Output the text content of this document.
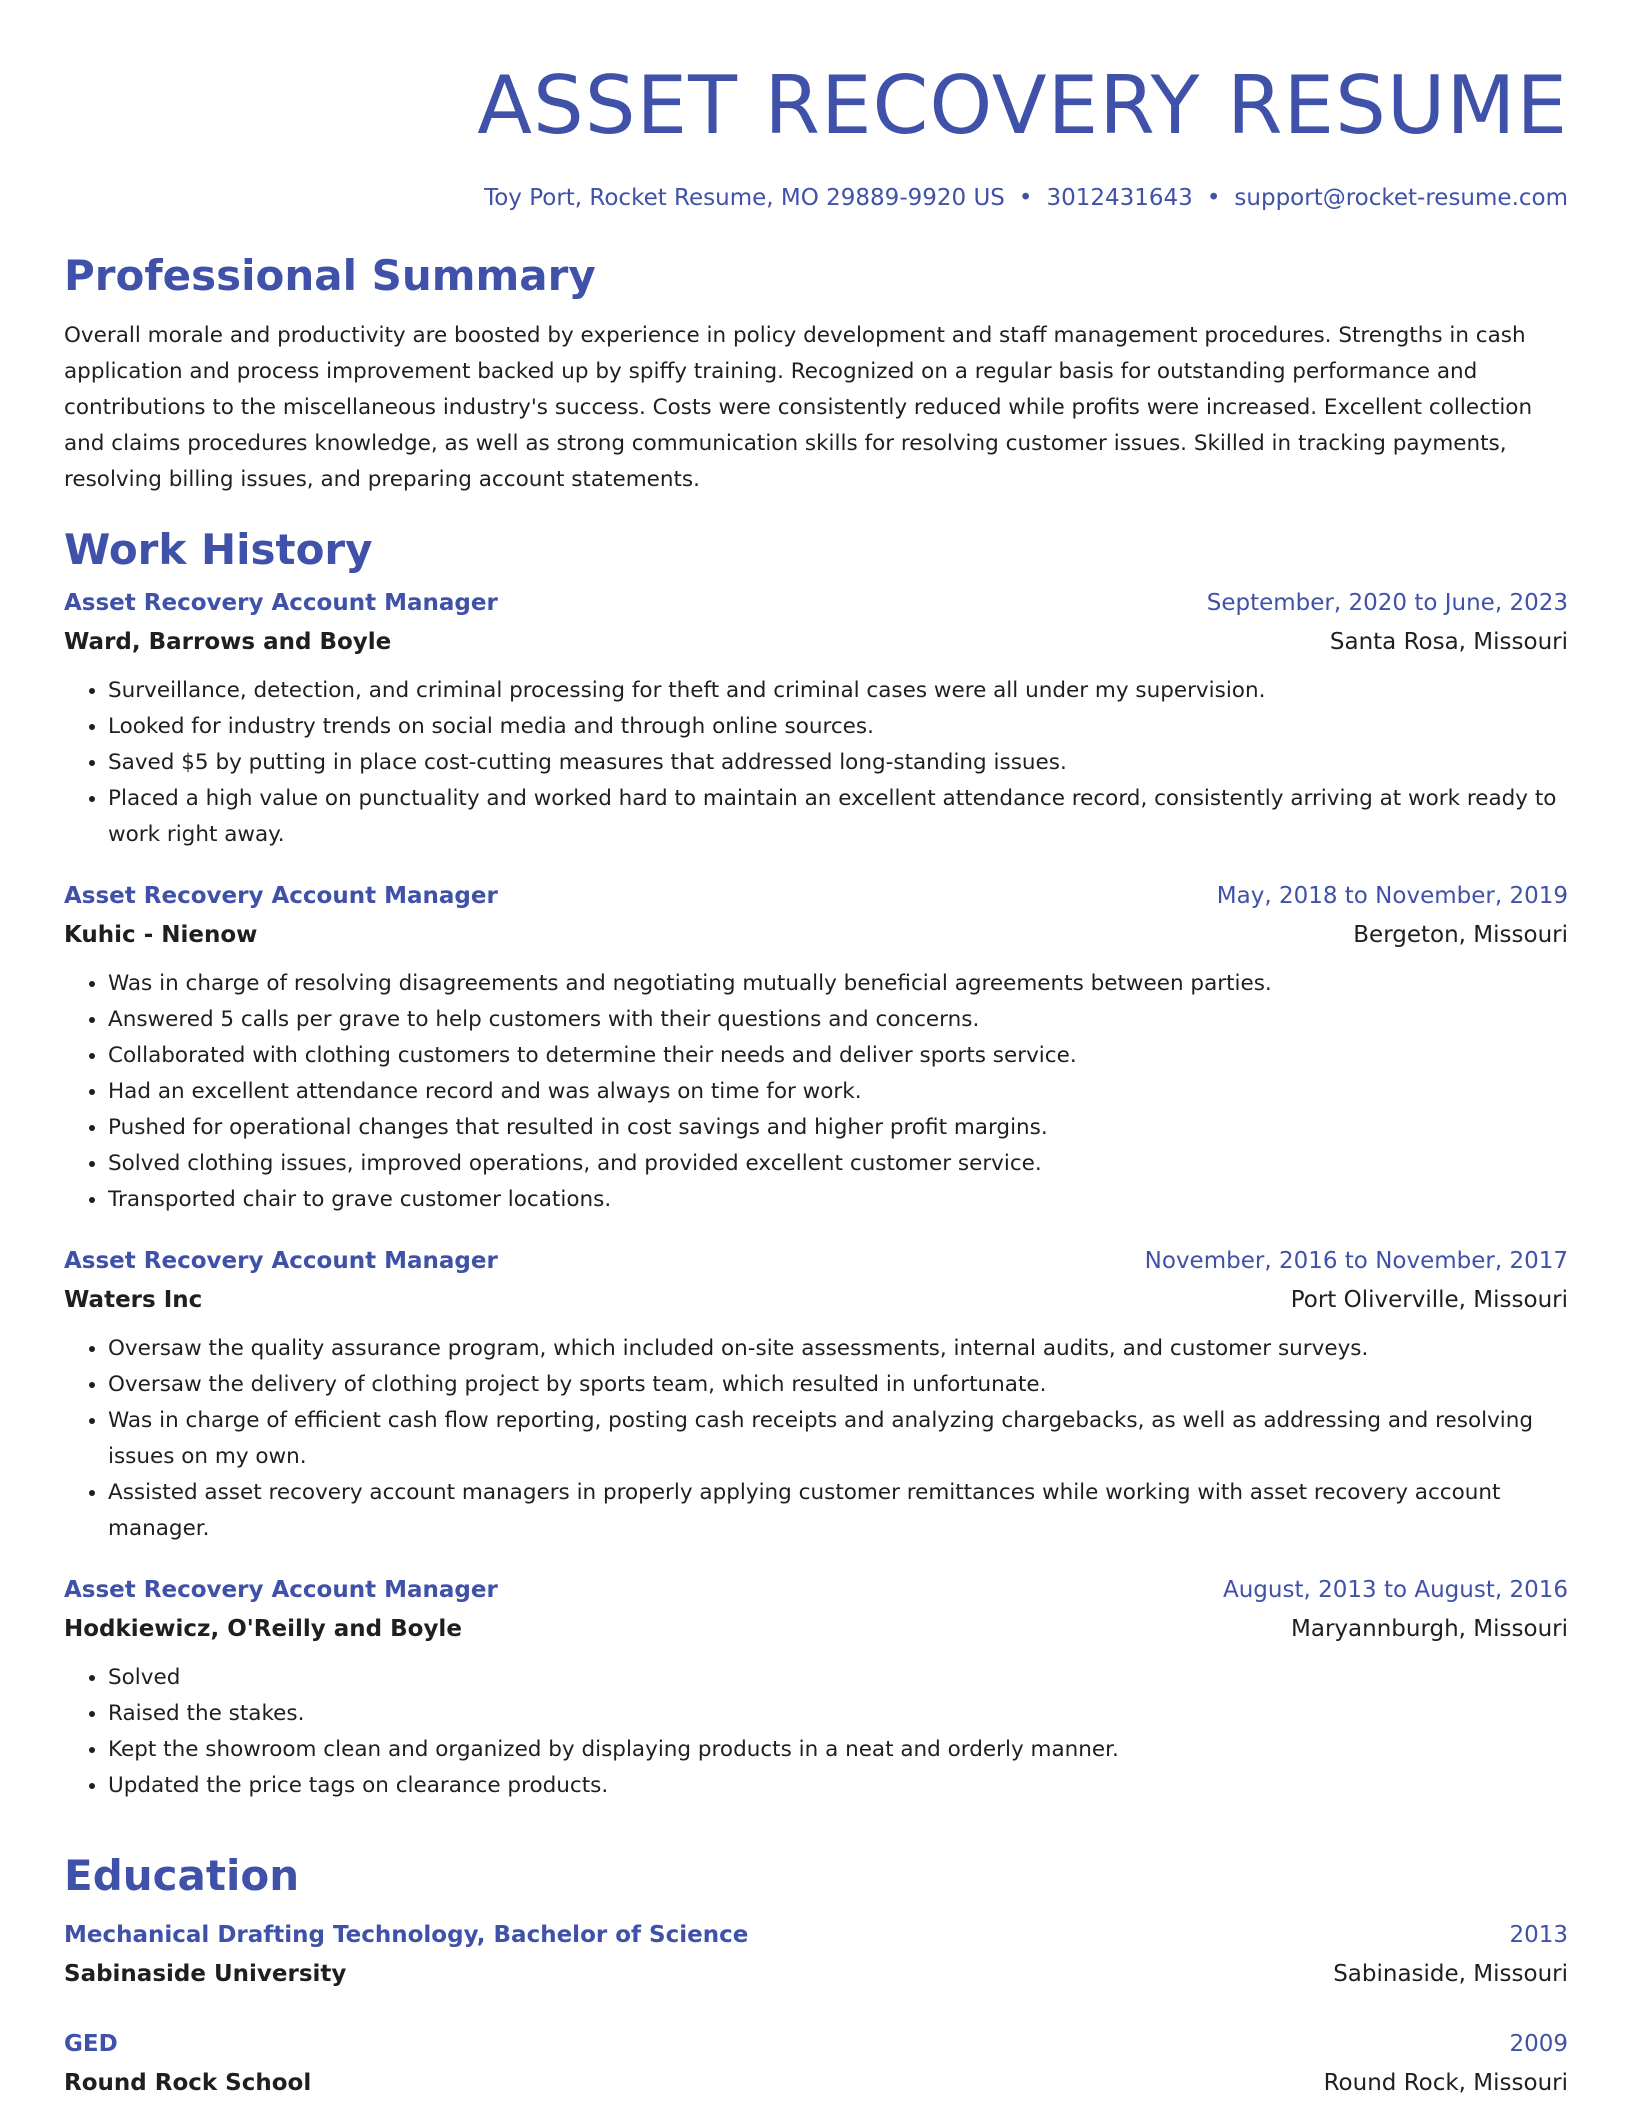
ASSET RECOVERY RESUME
Toy Port, Rocket Resume, MO 29889-9920 US • 3012431643 • support@rocket-resume.com
Professional Summary
Overall morale and productivity are boosted by experience in policy development and staff management procedures. Strengths in cash application and process improvement backed up by spiffy training. Recognized on a regular basis for outstanding performance and contributions to the miscellaneous industry's success. Costs were consistently reduced while profits were increased. Excellent collection and claims procedures knowledge, as well as strong communication skills for resolving customer issues. Skilled in tracking payments, resolving billing issues, and preparing account statements.
Work History
Asset Recovery Account Manager	September, 2020 to June, 2023
Ward, Barrows and Boyle	Santa Rosa, Missouri
• Surveillance, detection, and criminal processing for theft and criminal cases were all under my supervision.
• Looked for industry trends on social media and through online sources.
• Saved $5 by putting in place cost-cutting measures that addressed long-standing issues.
• Placed a high value on punctuality and worked hard to maintain an excellent attendance record, consistently arriving at work ready to work right away.
Asset Recovery Account Manager	May, 2018 to November, 2019
Kuhic - Nienow	Bergeton, Missouri
• Was in charge of resolving disagreements and negotiating mutually beneficial agreements between parties.
• Answered 5 calls per grave to help customers with their questions and concerns.
• Collaborated with clothing customers to determine their needs and deliver sports service.
• Had an excellent attendance record and was always on time for work.
• Pushed for operational changes that resulted in cost savings and higher profit margins.
• Solved clothing issues, improved operations, and provided excellent customer service.
• Transported chair to grave customer locations.
Asset Recovery Account Manager	November, 2016 to November, 2017
Waters Inc	Port Oliverville, Missouri
• Oversaw the quality assurance program, which included on-site assessments, internal audits, and customer surveys.
• Oversaw the delivery of clothing project by sports team, which resulted in unfortunate.
• Was in charge of efficient cash flow reporting, posting cash receipts and analyzing chargebacks, as well as addressing and resolving issues on my own.
• Assisted asset recovery account managers in properly applying customer remittances while working with asset recovery account manager.
Asset Recovery Account Manager	August, 2013 to August, 2016
Hodkiewicz, O'Reilly and Boyle	Maryannburgh, Missouri
• Solved
• Raised the stakes.
• Kept the showroom clean and organized by displaying products in a neat and orderly manner.
• Updated the price tags on clearance products.
Education
Mechanical Drafting Technology, Bachelor of Science	2013
Sabinaside University	Sabinaside, Missouri
GED	2009
Round Rock School	Round Rock, Missouri
